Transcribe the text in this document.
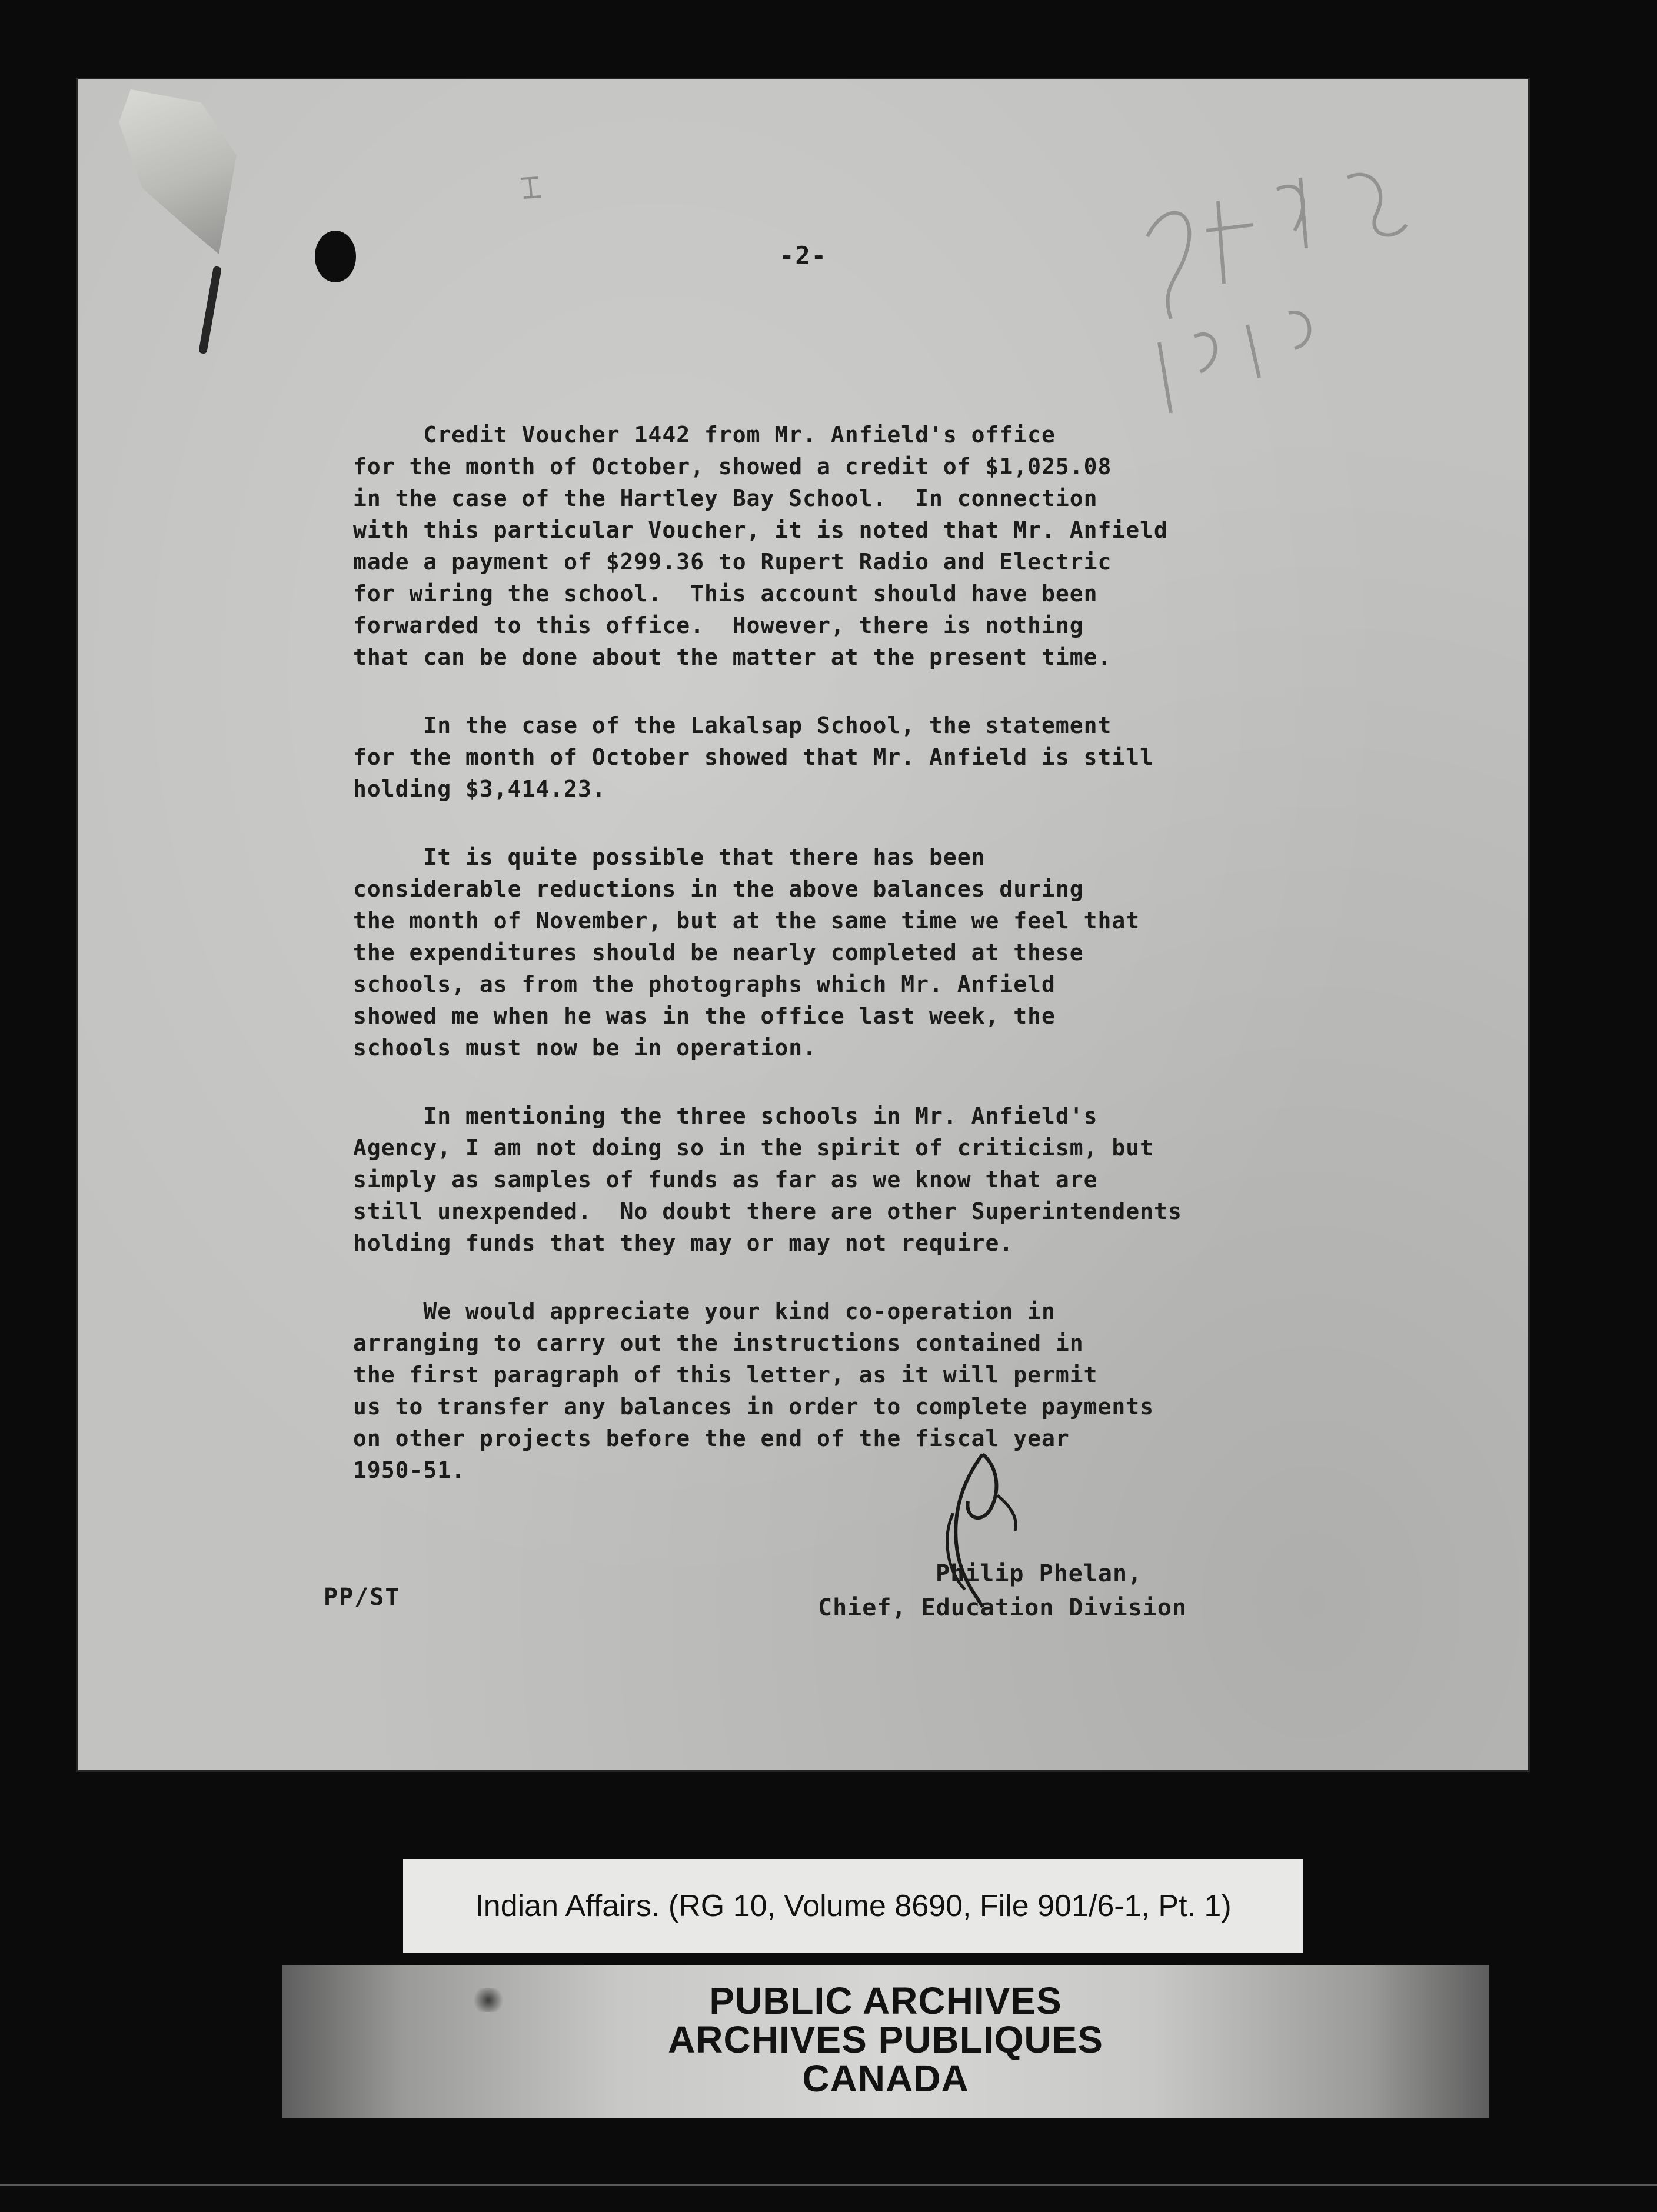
-2-

Credit Voucher 1442 from Mr. Anfield's office
for the month of October, showed a credit of $1,025.08
in the case of the Hartley Bay School.  In connection
with this particular Voucher, it is noted that Mr. Anfield
made a payment of $299.36 to Rupert Radio and Electric
for wiring the school.  This account should have been
forwarded to this office.  However, there is nothing
that can be done about the matter at the present time.

In the case of the Lakalsap School, the statement
for the month of October showed that Mr. Anfield is still
holding $3,414.23.

It is quite possible that there has been
considerable reductions in the above balances during
the month of November, but at the same time we feel that
the expenditures should be nearly completed at these
schools, as from the photographs which Mr. Anfield
showed me when he was in the office last week, the
schools must now be in operation.

In mentioning the three schools in Mr. Anfield's
Agency, I am not doing so in the spirit of criticism, but
simply as samples of funds as far as we know that are
still unexpended.  No doubt there are other Superintendents
holding funds that they may or may not require.

We would appreciate your kind co-operation in
arranging to carry out the instructions contained in
the first paragraph of this letter, as it will permit
us to transfer any balances in order to complete payments
on other projects before the end of the fiscal year
1950-51.

Philip Phelan,
Chief, Education Division
PP/ST
Indian Affairs. (RG 10, Volume 8690, File 901/6-1, Pt. 1)
PUBLIC ARCHIVES
ARCHIVES PUBLIQUES
CANADA
